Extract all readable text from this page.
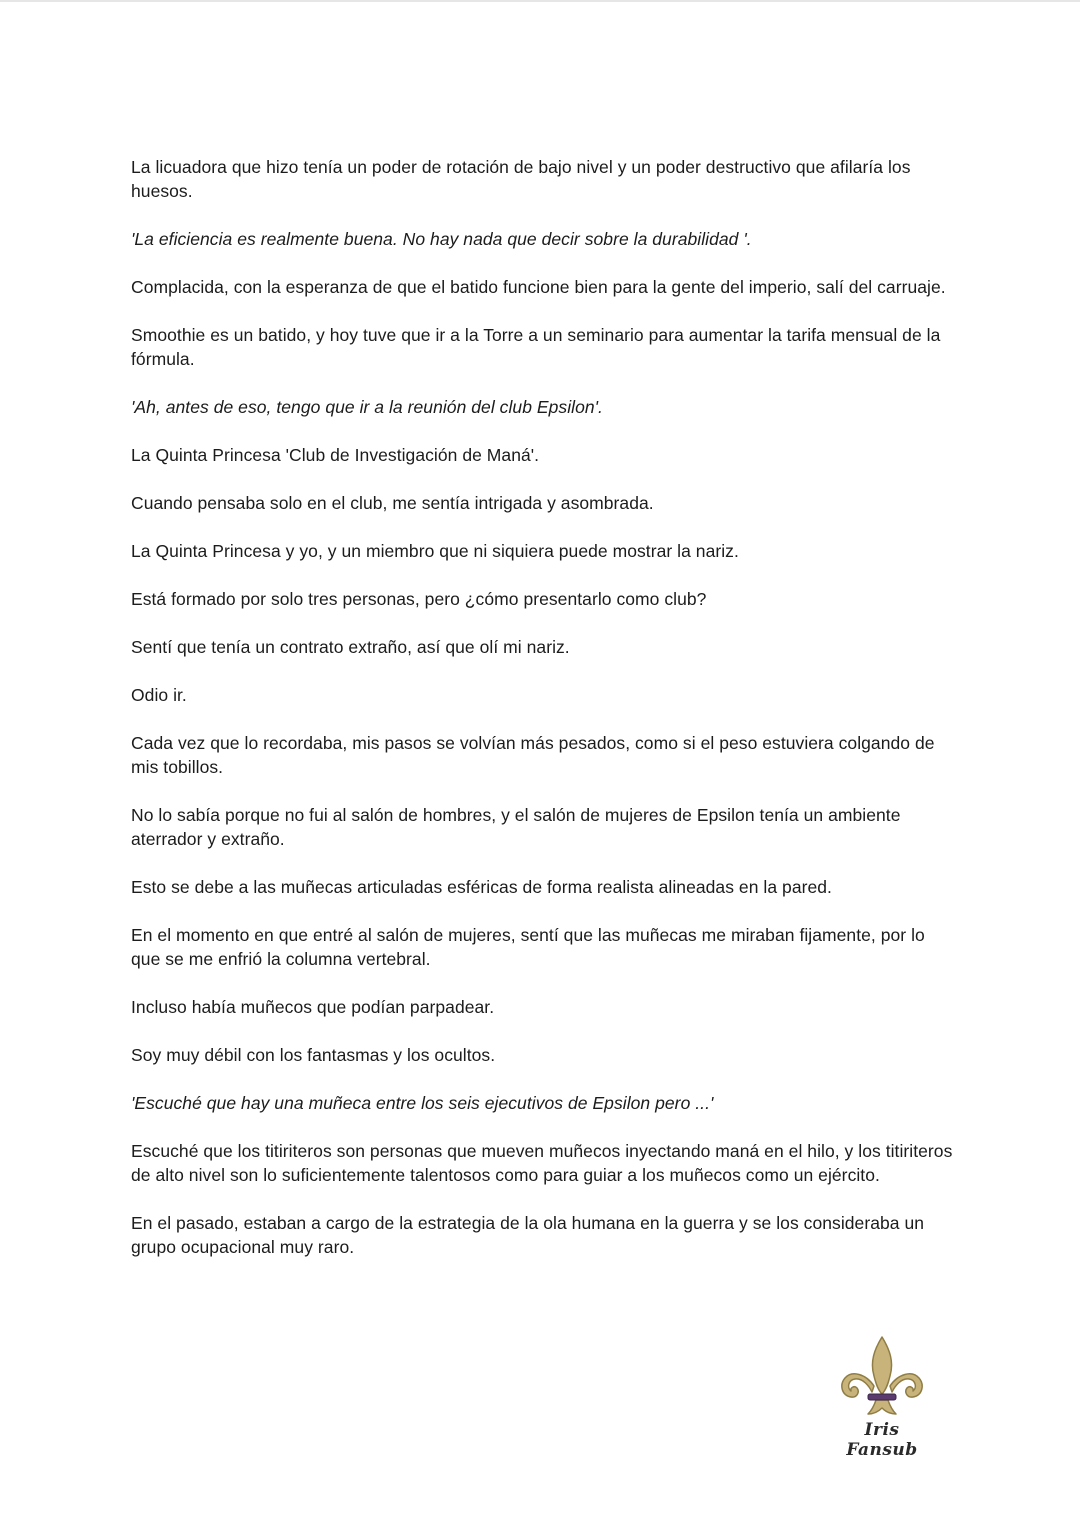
La licuadora que hizo tenía un poder de rotación de bajo nivel y un poder destructivo que afilaría los huesos.

'La eficiencia es realmente buena. No hay nada que decir sobre la durabilidad '.

Complacida, con la esperanza de que el batido funcione bien para la gente del imperio, salí del carruaje.

Smoothie es un batido, y hoy tuve que ir a la Torre a un seminario para aumentar la tarifa mensual de la fórmula.

'Ah, antes de eso, tengo que ir a la reunión del club Epsilon'.

La Quinta Princesa 'Club de Investigación de Maná'.

Cuando pensaba solo en el club, me sentía intrigada y asombrada.

La Quinta Princesa y yo, y un miembro que ni siquiera puede mostrar la nariz.

Está formado por solo tres personas, pero ¿cómo presentarlo como club?

Sentí que tenía un contrato extraño, así que olí mi nariz.

Odio ir.

Cada vez que lo recordaba, mis pasos se volvían más pesados, como si el peso estuviera colgando de mis tobillos.

No lo sabía porque no fui al salón de hombres, y el salón de mujeres de Epsilon tenía un ambiente aterrador y extraño.

Esto se debe a las muñecas articuladas esféricas de forma realista alineadas en la pared.

En el momento en que entré al salón de mujeres, sentí que las muñecas me miraban fijamente, por lo que se me enfrió la columna vertebral.

Incluso había muñecos que podían parpadear.

Soy muy débil con los fantasmas y los ocultos.

'Escuché que hay una muñeca entre los seis ejecutivos de Epsilon pero ...'

Escuché que los titiriteros son personas que mueven muñecos inyectando maná en el hilo, y los titiriteros de alto nivel son lo suficientemente talentosos como para guiar a los muñecos como un ejército.

En el pasado, estaban a cargo de la estrategia de la ola humana en la guerra y se los consideraba un grupo ocupacional muy raro.

Iris Fansub
